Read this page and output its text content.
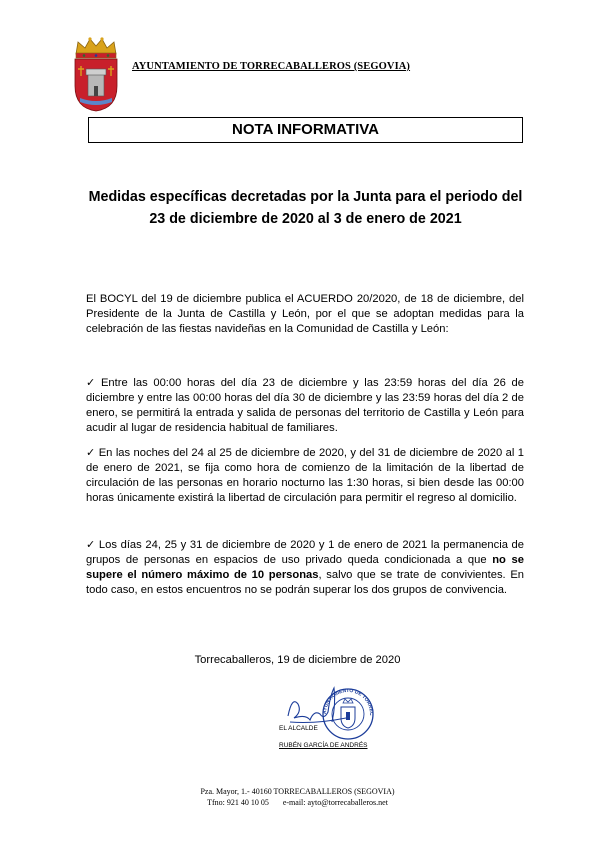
AYUNTAMIENTO DE TORRECABALLEROS (SEGOVIA)
NOTA INFORMATIVA
Medidas específicas decretadas por la Junta para el periodo del 23 de diciembre de 2020 al 3 de enero de 2021
El BOCYL del 19 de diciembre publica el ACUERDO 20/2020, de 18 de diciembre, del Presidente de la Junta de Castilla y León, por el que se adoptan medidas para la celebración de las fiestas navideñas en la Comunidad de Castilla y León:
✓ Entre las 00:00 horas del día 23 de diciembre y las 23:59 horas del día 26 de diciembre y entre las 00:00 horas del día 30 de diciembre y las 23:59 horas del día 2 de enero, se permitirá la entrada y salida de personas del territorio de Castilla y León para acudir al lugar de residencia habitual de familiares.
✓ En las noches del 24 al 25 de diciembre de 2020, y del 31 de diciembre de 2020 al 1 de enero de 2021, se fija como hora de comienzo de la limitación de la libertad de circulación de las personas en horario nocturno las 1:30 horas, si bien desde las 00:00 horas únicamente existirá la libertad de circulación para permitir el regreso al domicilio.
✓ Los días 24, 25 y 31 de diciembre de 2020 y 1 de enero de 2021 la permanencia de grupos de personas en espacios de uso privado queda condicionada a que no se supere el número máximo de 10 personas, salvo que se trate de convivientes. En todo caso, en estos encuentros no se podrán superar los dos grupos de convivencia.
Torrecaballeros, 19 de diciembre de 2020
AYUNTAMIENTO DE TORREC
EL ALCALDE
RUBÉN GARCÍA DE ANDRÉS
Pza. Mayor, 1.- 40160 TORRECABALLEROS (SEGOVIA)
Tfno: 921 40 10 05       e-mail: ayto@torrecaballeros.net
